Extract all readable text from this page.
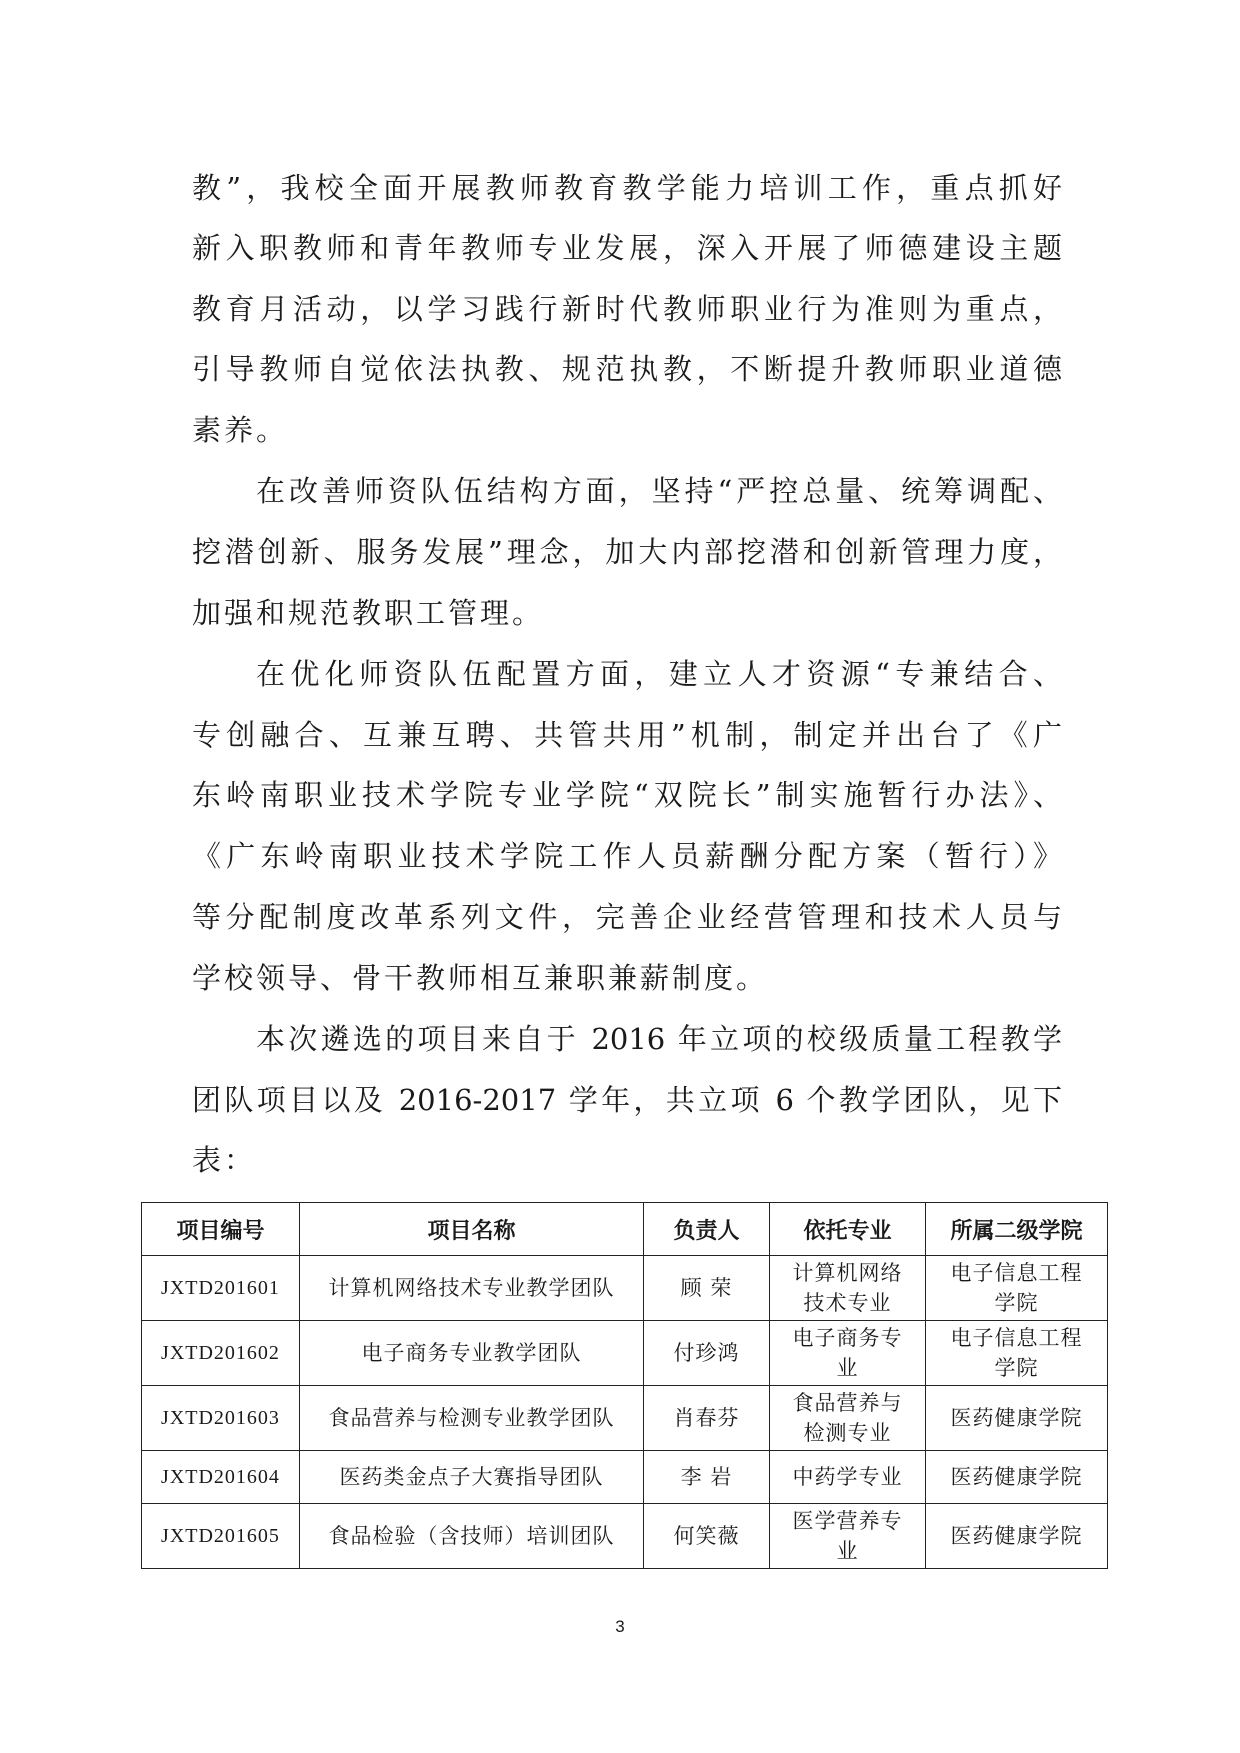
教”，我校全面开展教师教育教学能力培训工作，重点抓好
新入职教师和青年教师专业发展，深入开展了师德建设主题
教育月活动，以学习践行新时代教师职业行为准则为重点，
引导教师自觉依法执教、规范执教，不断提升教师职业道德
素养。
在改善师资队伍结构方面，坚持“严控总量、统筹调配、
挖潜创新、服务发展”理念，加大内部挖潜和创新管理力度，
加强和规范教职工管理。
在优化师资队伍配置方面，建立人才资源“专兼结合、
专创融合、互兼互聘、共管共用”机制，制定并出台了《广
东岭南职业技术学院专业学院“双院长”制实施暂行办法》、
《广东岭南职业技术学院工作人员薪酬分配方案（暂行）》
等分配制度改革系列文件，完善企业经营管理和技术人员与
学校领导、骨干教师相互兼职兼薪制度。
本次遴选的项目来自于 2016 年立项的校级质量工程教学
团队项目以及 2016-2017 学年，共立项 6 个教学团队，见下
表：
项目编号	项目名称	负责人	依托专业	所属二级学院
JXTD201601	计算机网络技术专业教学团队	顾 荣	计算机网络
技术专业	电子信息工程
学院
JXTD201602	电子商务专业教学团队	付珍鸿	电子商务专
业	电子信息工程
学院
JXTD201603	食品营养与检测专业教学团队	肖春芬	食品营养与
检测专业	医药健康学院
JXTD201604	医药类金点子大赛指导团队	李 岩	中药学专业	医药健康学院
JXTD201605	食品检验（含技师）培训团队	何笑薇	医学营养专
业	医药健康学院
3
